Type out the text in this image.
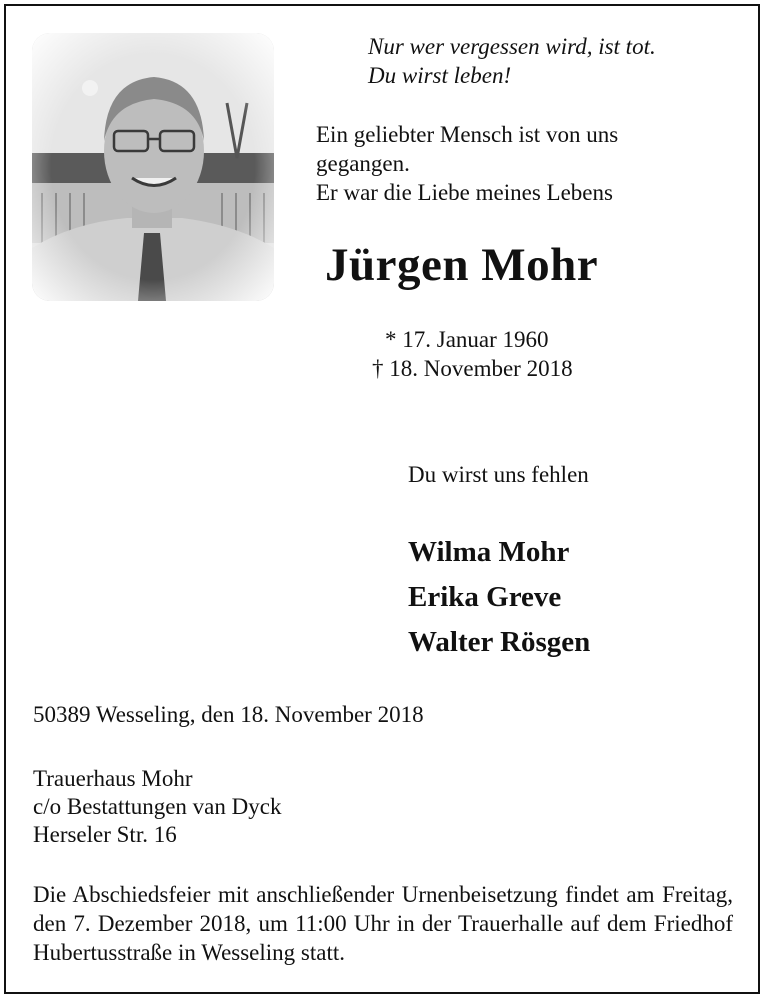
Nur wer vergessen wird, ist tot.
Du wirst leben!
Ein geliebter Mensch ist von uns
gegangen.
Er war die Liebe meines Lebens
Jürgen Mohr
* 17. Januar 1960
† 18. November 2018
Du wirst uns fehlen
Wilma Mohr
Erika Greve
Walter Rösgen
50389 Wesseling, den 18. November 2018
Trauerhaus Mohr
c/o Bestattungen van Dyck
Herseler Str. 16
Die Abschiedsfeier mit anschließender Urnenbeisetzung findet am Freitag, den 7. Dezember 2018, um 11:00 Uhr in der Trauerhalle auf dem Friedhof Hubertusstraße in Wesseling statt.
